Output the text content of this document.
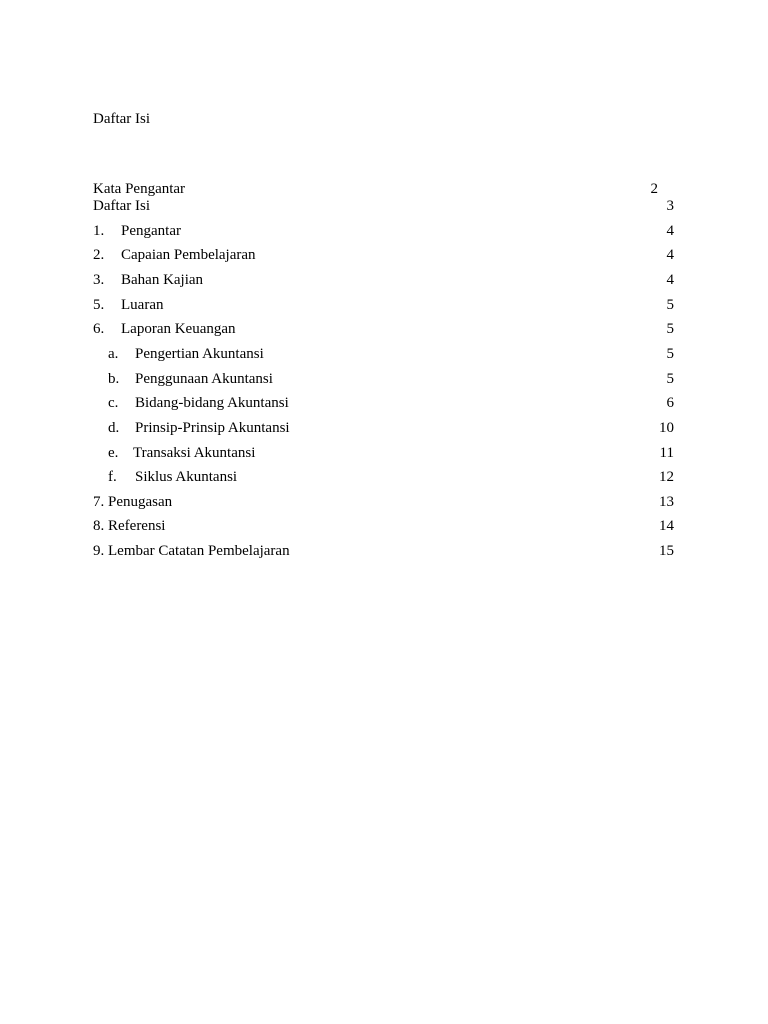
Daftar Isi
Kata Pengantar	2
Daftar Isi	3
1. Pengantar	4
2. Capaian Pembelajaran	4
3. Bahan Kajian	4
5. Luaran	5
6. Laporan Keuangan	5
a. Pengertian Akuntansi	5
b. Penggunaan Akuntansi	5
c. Bidang-bidang Akuntansi	6
d. Prinsip-Prinsip Akuntansi	10
e. Transaksi Akuntansi	11
f. Siklus Akuntansi	12
7. Penugasan	13
8. Referensi	14
9. Lembar Catatan Pembelajaran	15
